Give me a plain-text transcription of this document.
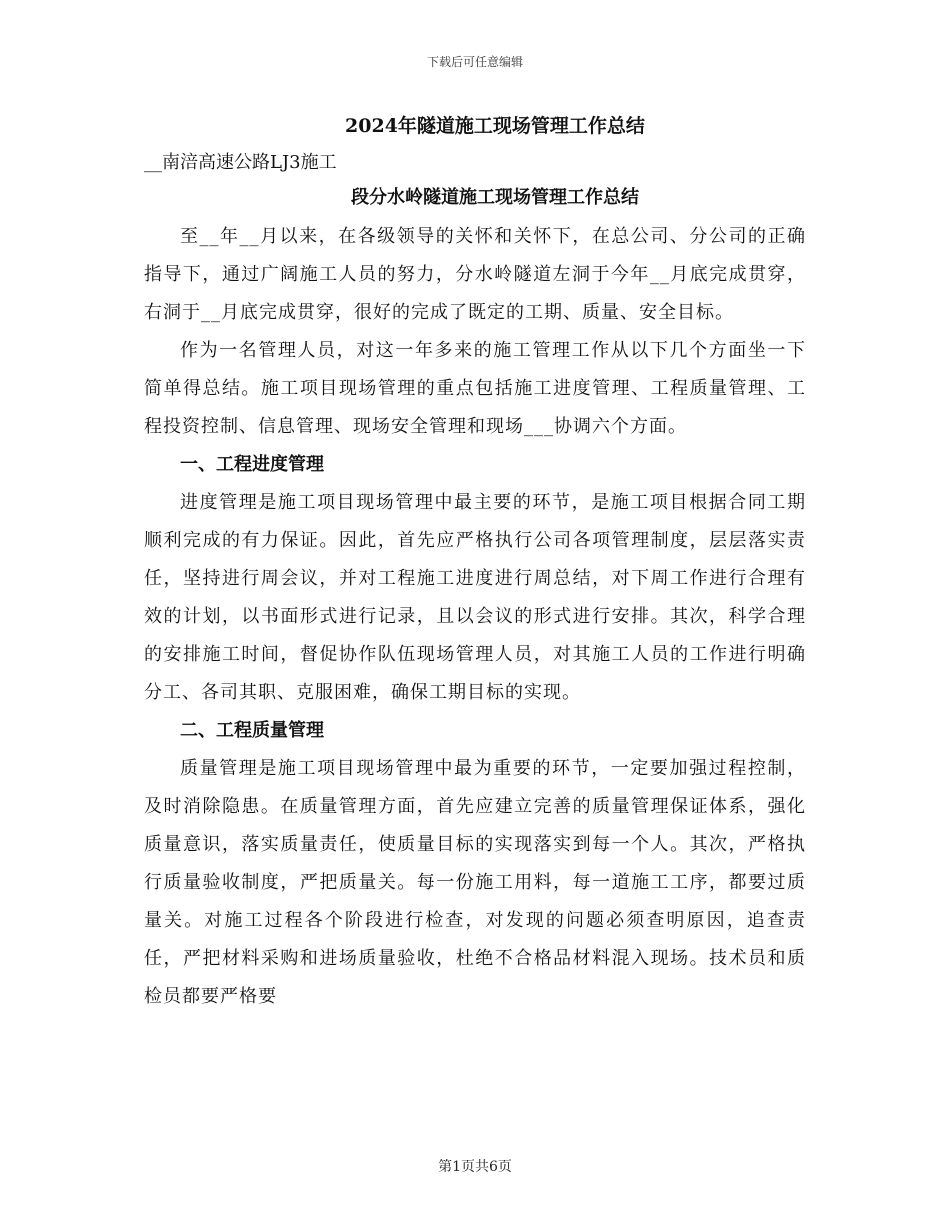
下载后可任意编辑
2024年隧道施工现场管理工作总结
__南涪高速公路LJ3施工
段分水岭隧道施工现场管理工作总结

至__年__月以来，在各级领导的关怀和关怀下，在总公司、分公司的正确指导下，通过广阔施工人员的努力，分水岭隧道左洞于今年__月底完成贯穿，右洞于__月底完成贯穿，很好的完成了既定的工期、质量、安全目标。

作为一名管理人员，对这一年多来的施工管理工作从以下几个方面坐一下简单得总结。施工项目现场管理的重点包括施工进度管理、工程质量管理、工程投资控制、信息管理、现场安全管理和现场___协调六个方面。

一、工程进度管理

进度管理是施工项目现场管理中最主要的环节，是施工项目根据合同工期顺利完成的有力保证。因此，首先应严格执行公司各项管理制度，层层落实责任，坚持进行周会议，并对工程施工进度进行周总结，对下周工作进行合理有效的计划，以书面形式进行记录，且以会议的形式进行安排。其次，科学合理的安排施工时间，督促协作队伍现场管理人员，对其施工人员的工作进行明确分工、各司其职、克服困难，确保工期目标的实现。

二、工程质量管理

质量管理是施工项目现场管理中最为重要的环节，一定要加强过程控制，及时消除隐患。在质量管理方面，首先应建立完善的质量管理保证体系，强化质量意识，落实质量责任，使质量目标的实现落实到每一个人。其次，严格执行质量验收制度，严把质量关。每一份施工用料，每一道施工工序，都要过质量关。对施工过程各个阶段进行检查，对发现的问题必须查明原因，追查责任，严把材料采购和进场质量验收，杜绝不合格品材料混入现场。技术员和质检员都要严格要

第1页共6页
